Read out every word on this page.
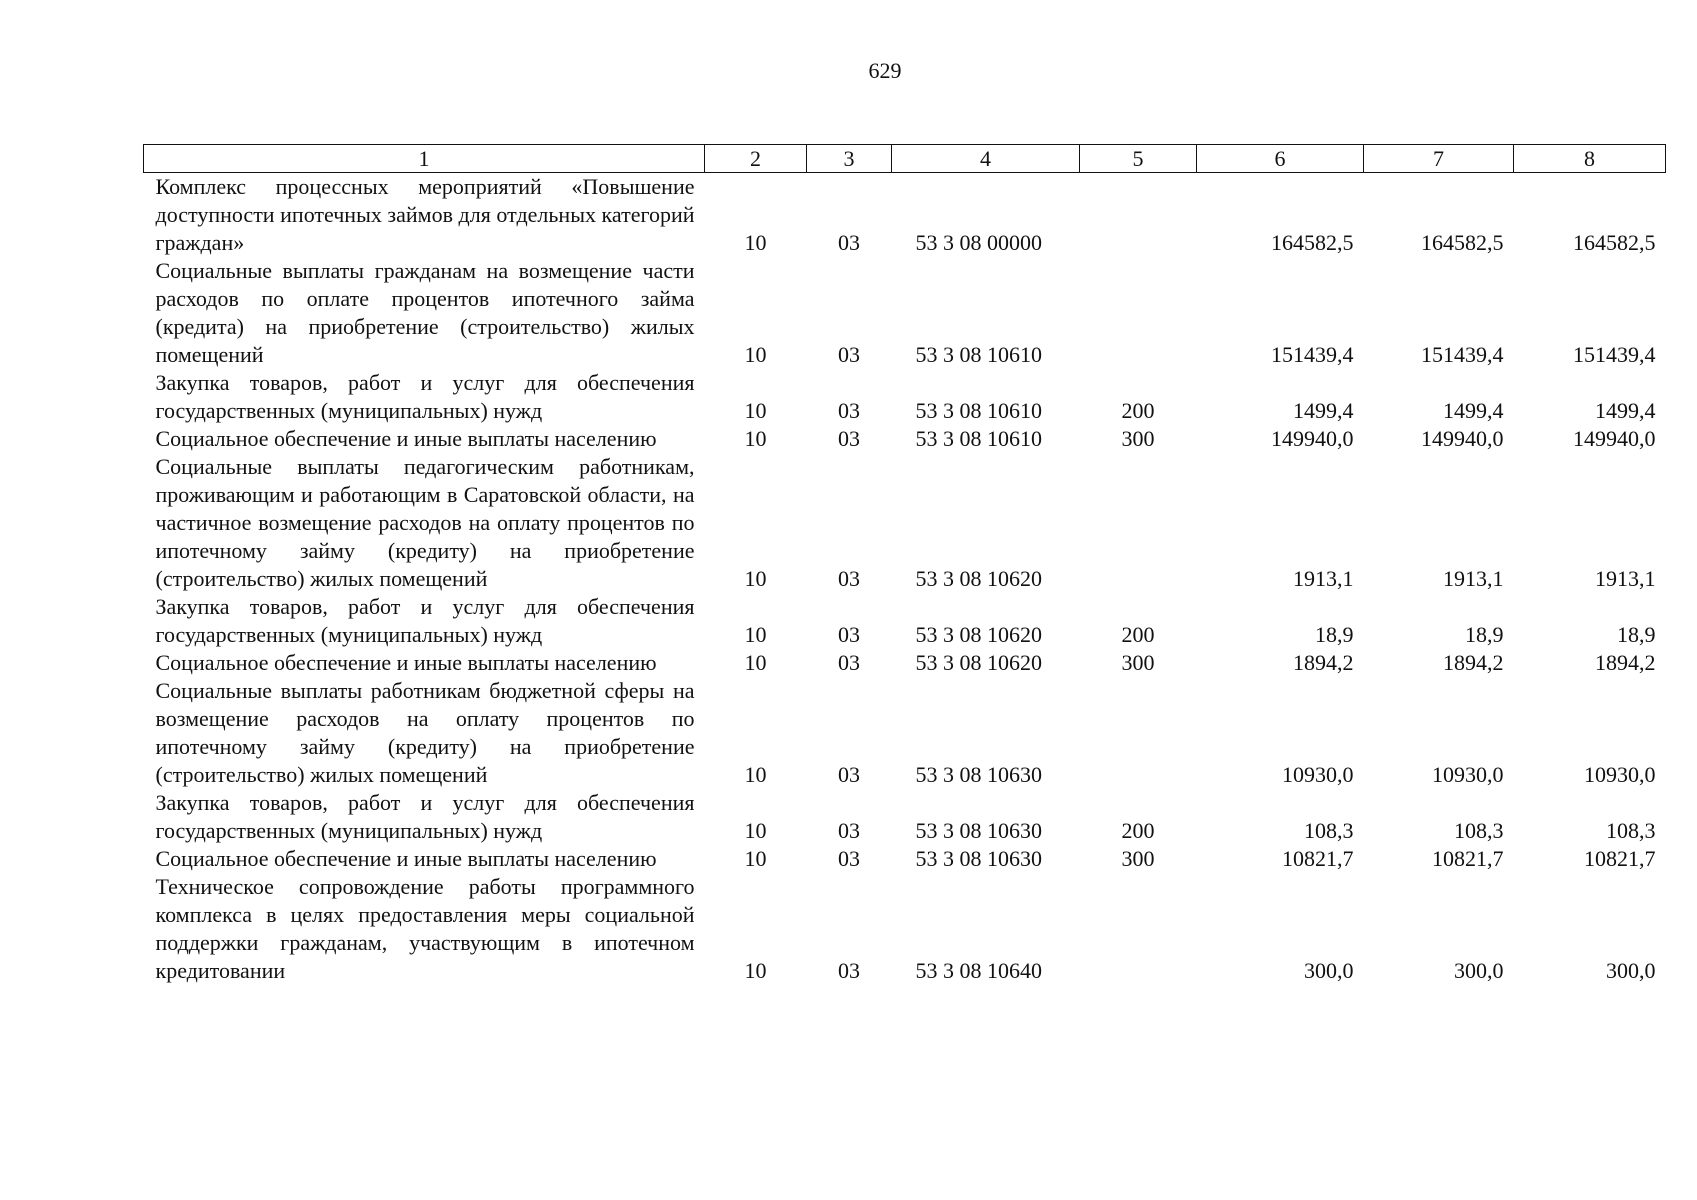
629
1	2	3	4	5	6	7	8
Комплекс процессных мероприятий «Повышение доступности ипотечных займов для отдельных категорий граждан»	10	03	53 3 08 00000		164582,5	164582,5	164582,5
Социальные выплаты гражданам на возмещение части расходов по оплате процентов ипотечного займа (кредита) на приобретение (строительство) жилых помещений	10	03	53 3 08 10610		151439,4	151439,4	151439,4
Закупка товаров, работ и услуг для обеспечения государственных (муниципальных) нужд	10	03	53 3 08 10610	200	1499,4	1499,4	1499,4
Социальное обеспечение и иные выплаты населению	10	03	53 3 08 10610	300	149940,0	149940,0	149940,0
Социальные выплаты педагогическим работникам, проживающим и работающим в Саратовской области, на частичное возмещение расходов на оплату процентов по ипотечному займу (кредиту) на приобретение (строительство) жилых помещений	10	03	53 3 08 10620		1913,1	1913,1	1913,1
Закупка товаров, работ и услуг для обеспечения государственных (муниципальных) нужд	10	03	53 3 08 10620	200	18,9	18,9	18,9
Социальное обеспечение и иные выплаты населению	10	03	53 3 08 10620	300	1894,2	1894,2	1894,2
Социальные выплаты работникам бюджетной сферы на возмещение расходов на оплату процентов по ипотечному займу (кредиту) на приобретение (строительство) жилых помещений	10	03	53 3 08 10630		10930,0	10930,0	10930,0
Закупка товаров, работ и услуг для обеспечения государственных (муниципальных) нужд	10	03	53 3 08 10630	200	108,3	108,3	108,3
Социальное обеспечение и иные выплаты населению	10	03	53 3 08 10630	300	10821,7	10821,7	10821,7
Техническое сопровождение работы программного комплекса в целях предоставления меры социальной поддержки гражданам, участвующим в ипотечном кредитовании	10	03	53 3 08 10640		300,0	300,0	300,0
